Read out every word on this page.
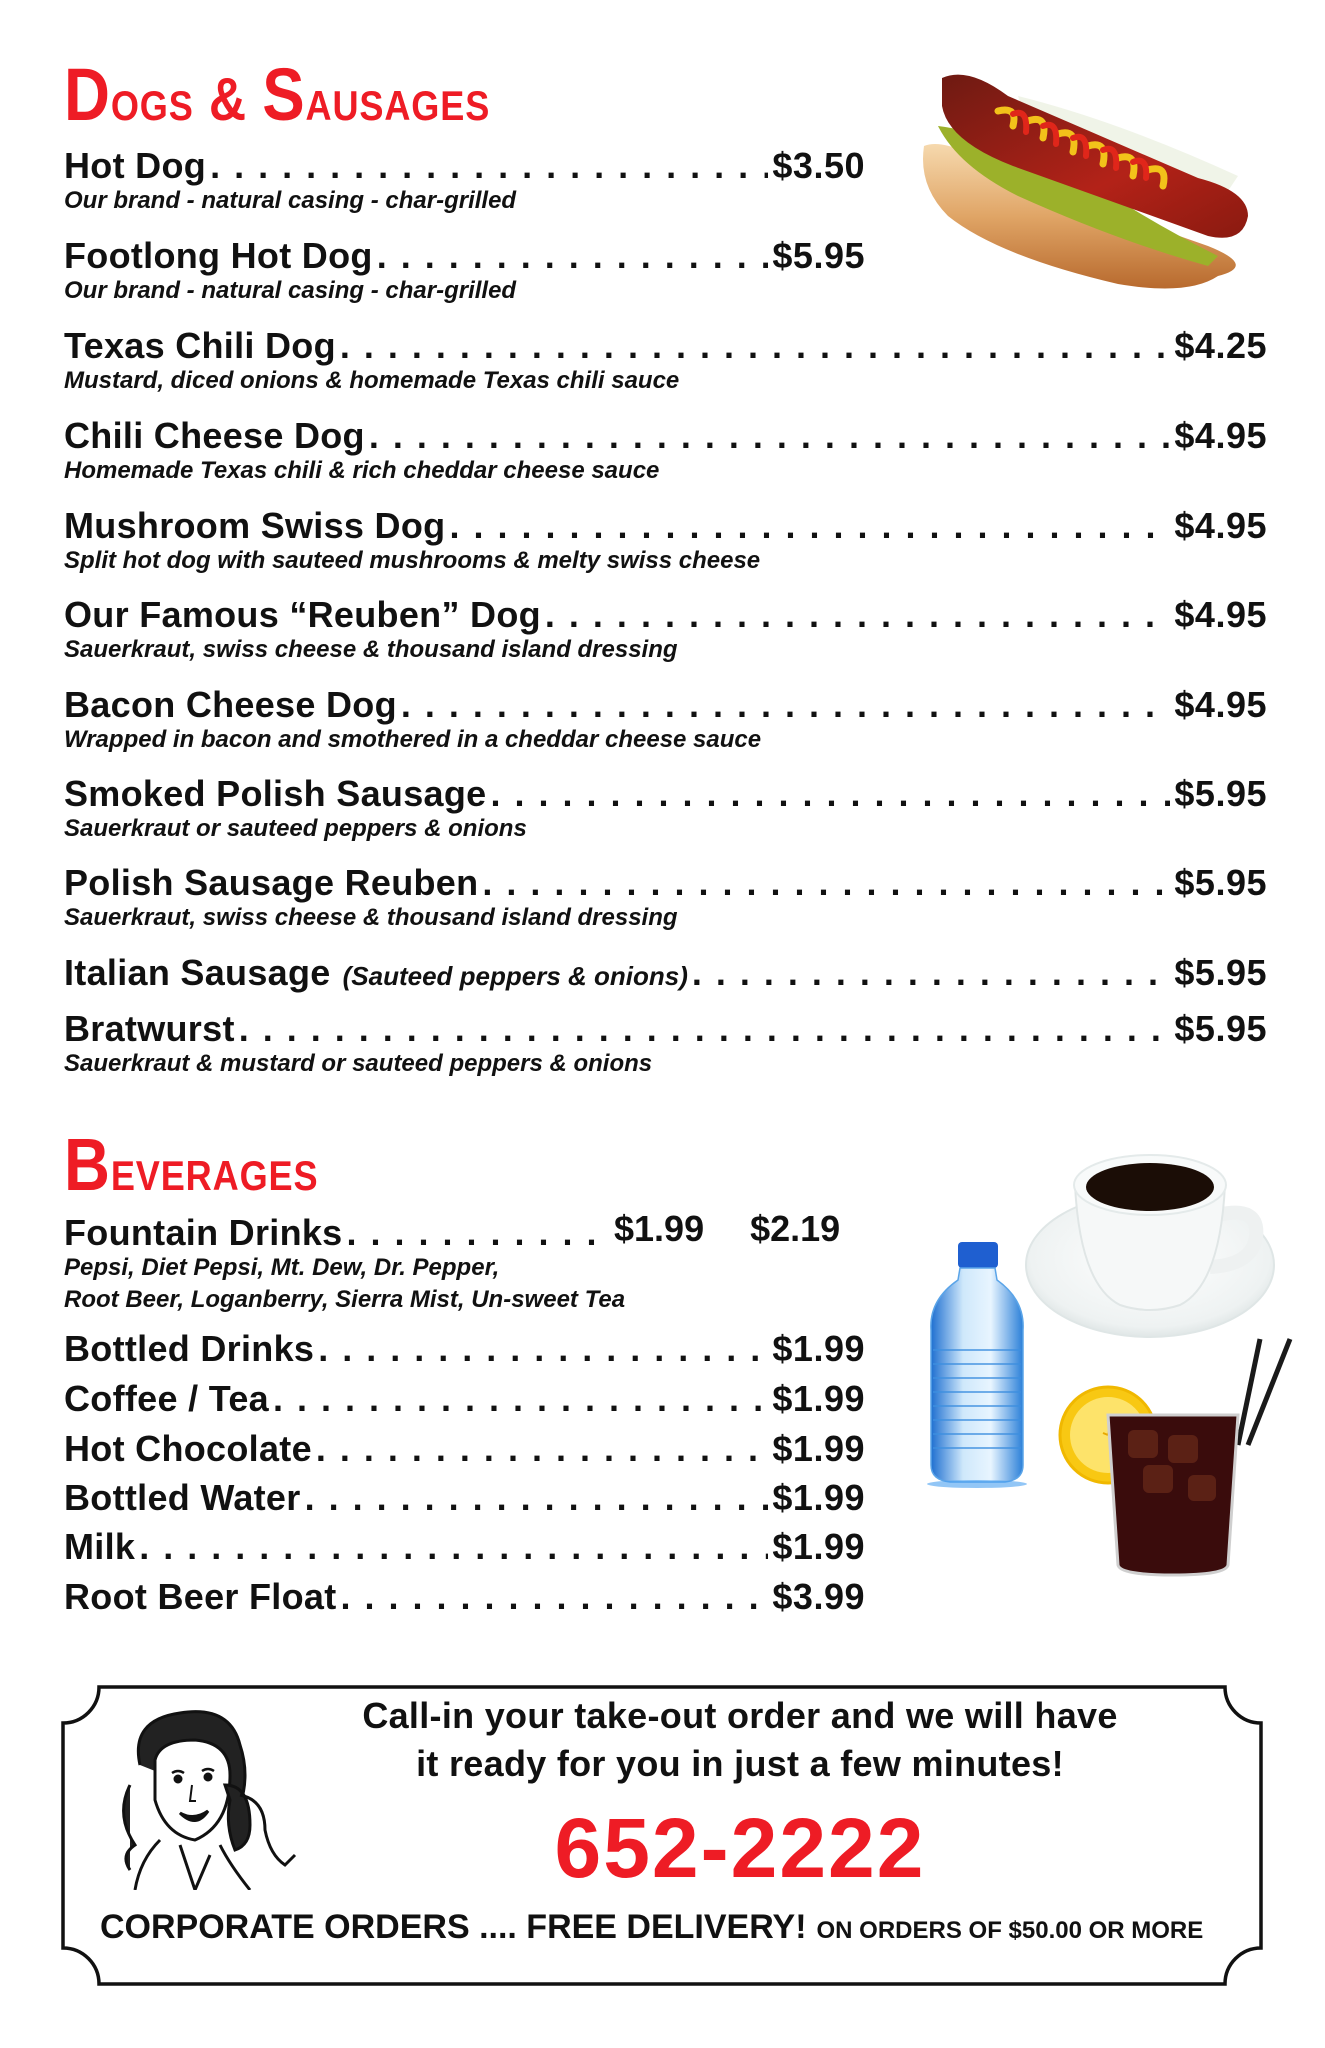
Dogs & Sausages
Hot Dog . . .	$3.50
Our brand - natural casing - char-grilled
Footlong Hot Dog . . .	$5.95
Our brand - natural casing - char-grilled
Texas Chili Dog . . .	$4.25
Mustard, diced onions & homemade Texas chili sauce
Chili Cheese Dog . . .	$4.95
Homemade Texas chili & rich cheddar cheese sauce
Mushroom Swiss Dog . . .	$4.95
Split hot dog with sauteed mushrooms & melty swiss cheese
Our Famous “Reuben” Dog . . .	$4.95
Sauerkraut, swiss cheese & thousand island dressing
Bacon Cheese Dog . . .	$4.95
Wrapped in bacon and smothered in a cheddar cheese sauce
Smoked Polish Sausage . . .	$5.95
Sauerkraut or sauteed peppers & onions
Polish Sausage Reuben . . .	$5.95
Sauerkraut, swiss cheese & thousand island dressing
Italian Sausage (Sauteed peppers & onions) . . .	$5.95
Bratwurst . . .	$5.95
Sauerkraut & mustard or sauteed peppers & onions
Beverages
Fountain Drinks . . .	$1.99 $2.19
Pepsi, Diet Pepsi, Mt. Dew, Dr. Pepper,
Root Beer, Loganberry, Sierra Mist, Un-sweet Tea
Bottled Drinks . . .	$1.99
Coffee / Tea . . .	$1.99
Hot Chocolate . . .	$1.99
Bottled Water . . .	$1.99
Milk . . .	$1.99
Root Beer Float . . .	$3.99
Call-in your take-out order and we will have
it ready for you in just a few minutes!
652-2222
CORPORATE ORDERS .... FREE DELIVERY! ON ORDERS OF $50.00 OR MORE
